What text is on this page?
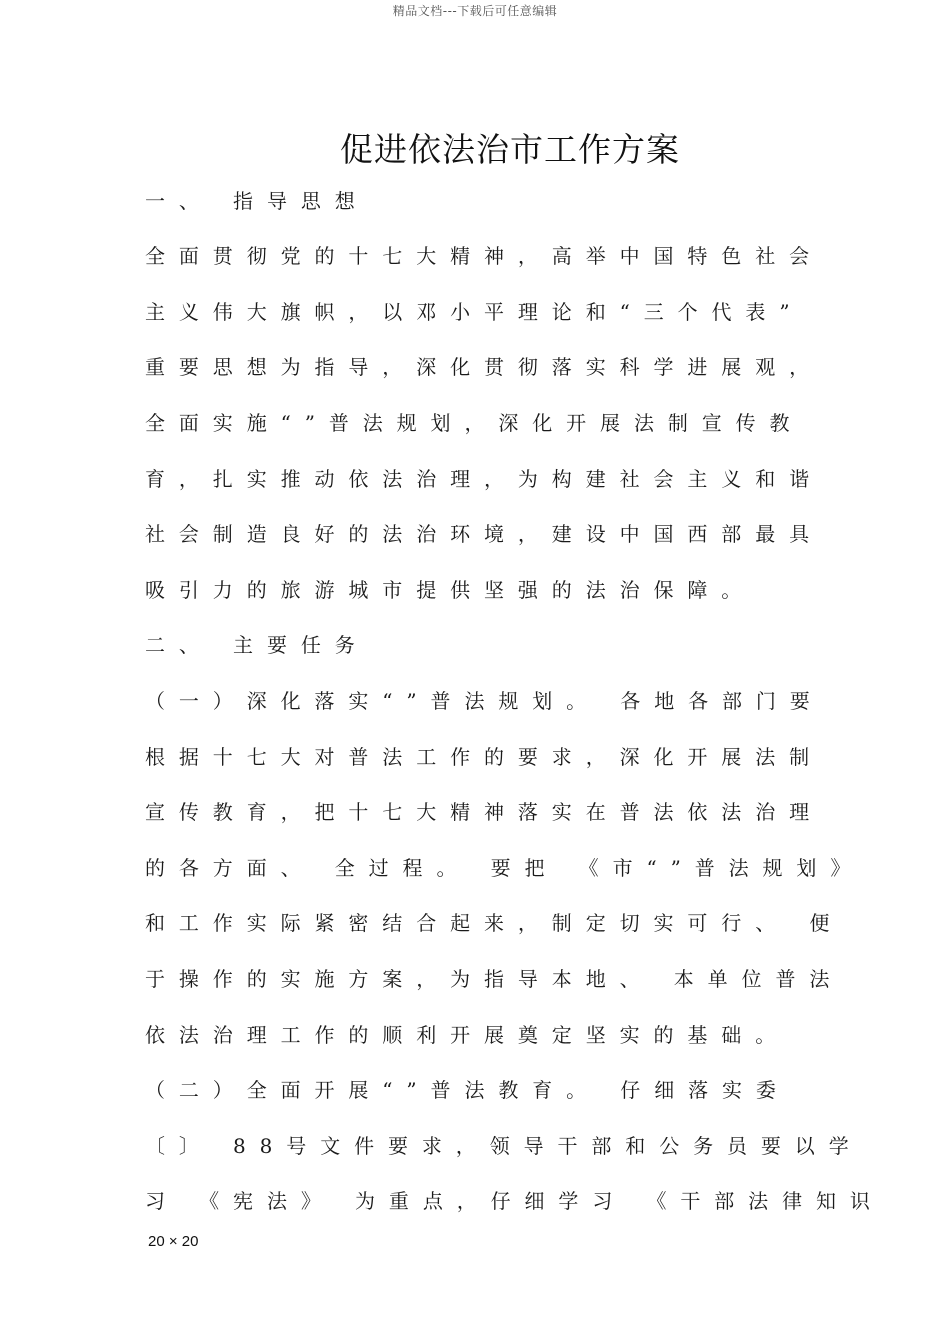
精品文档---下载后可任意编辑
促进依法治市工作方案
一、 指导思想
全面贯彻党的十七大精神，高举中国特色社会
主义伟大旗帜，以邓小平理论和“三个代表”
重要思想为指导，深化贯彻落实科学进展观，
全面实施“”普法规划，深化开展法制宣传教
育，扎实推动依法治理，为构建社会主义和谐
社会制造良好的法治环境，建设中国西部最具
吸引力的旅游城市提供坚强的法治保障。
二、 主要任务
（一）深化落实“”普法规划。 各地各部门要
根据十七大对普法工作的要求，深化开展法制
宣传教育，把十七大精神落实在普法依法治理
的各方面、 全过程。 要把 《市“”普法规划》
和工作实际紧密结合起来，制定切实可行、 便
于操作的实施方案，为指导本地、 本单位普法
依法治理工作的顺利开展奠定坚实的基础。
（二）全面开展“”普法教育。 仔细落实委
〔〕 88号文件要求，领导干部和公务员要以学
习 《宪法》 为重点，仔细学习 《干部法律知识
20 × 20
